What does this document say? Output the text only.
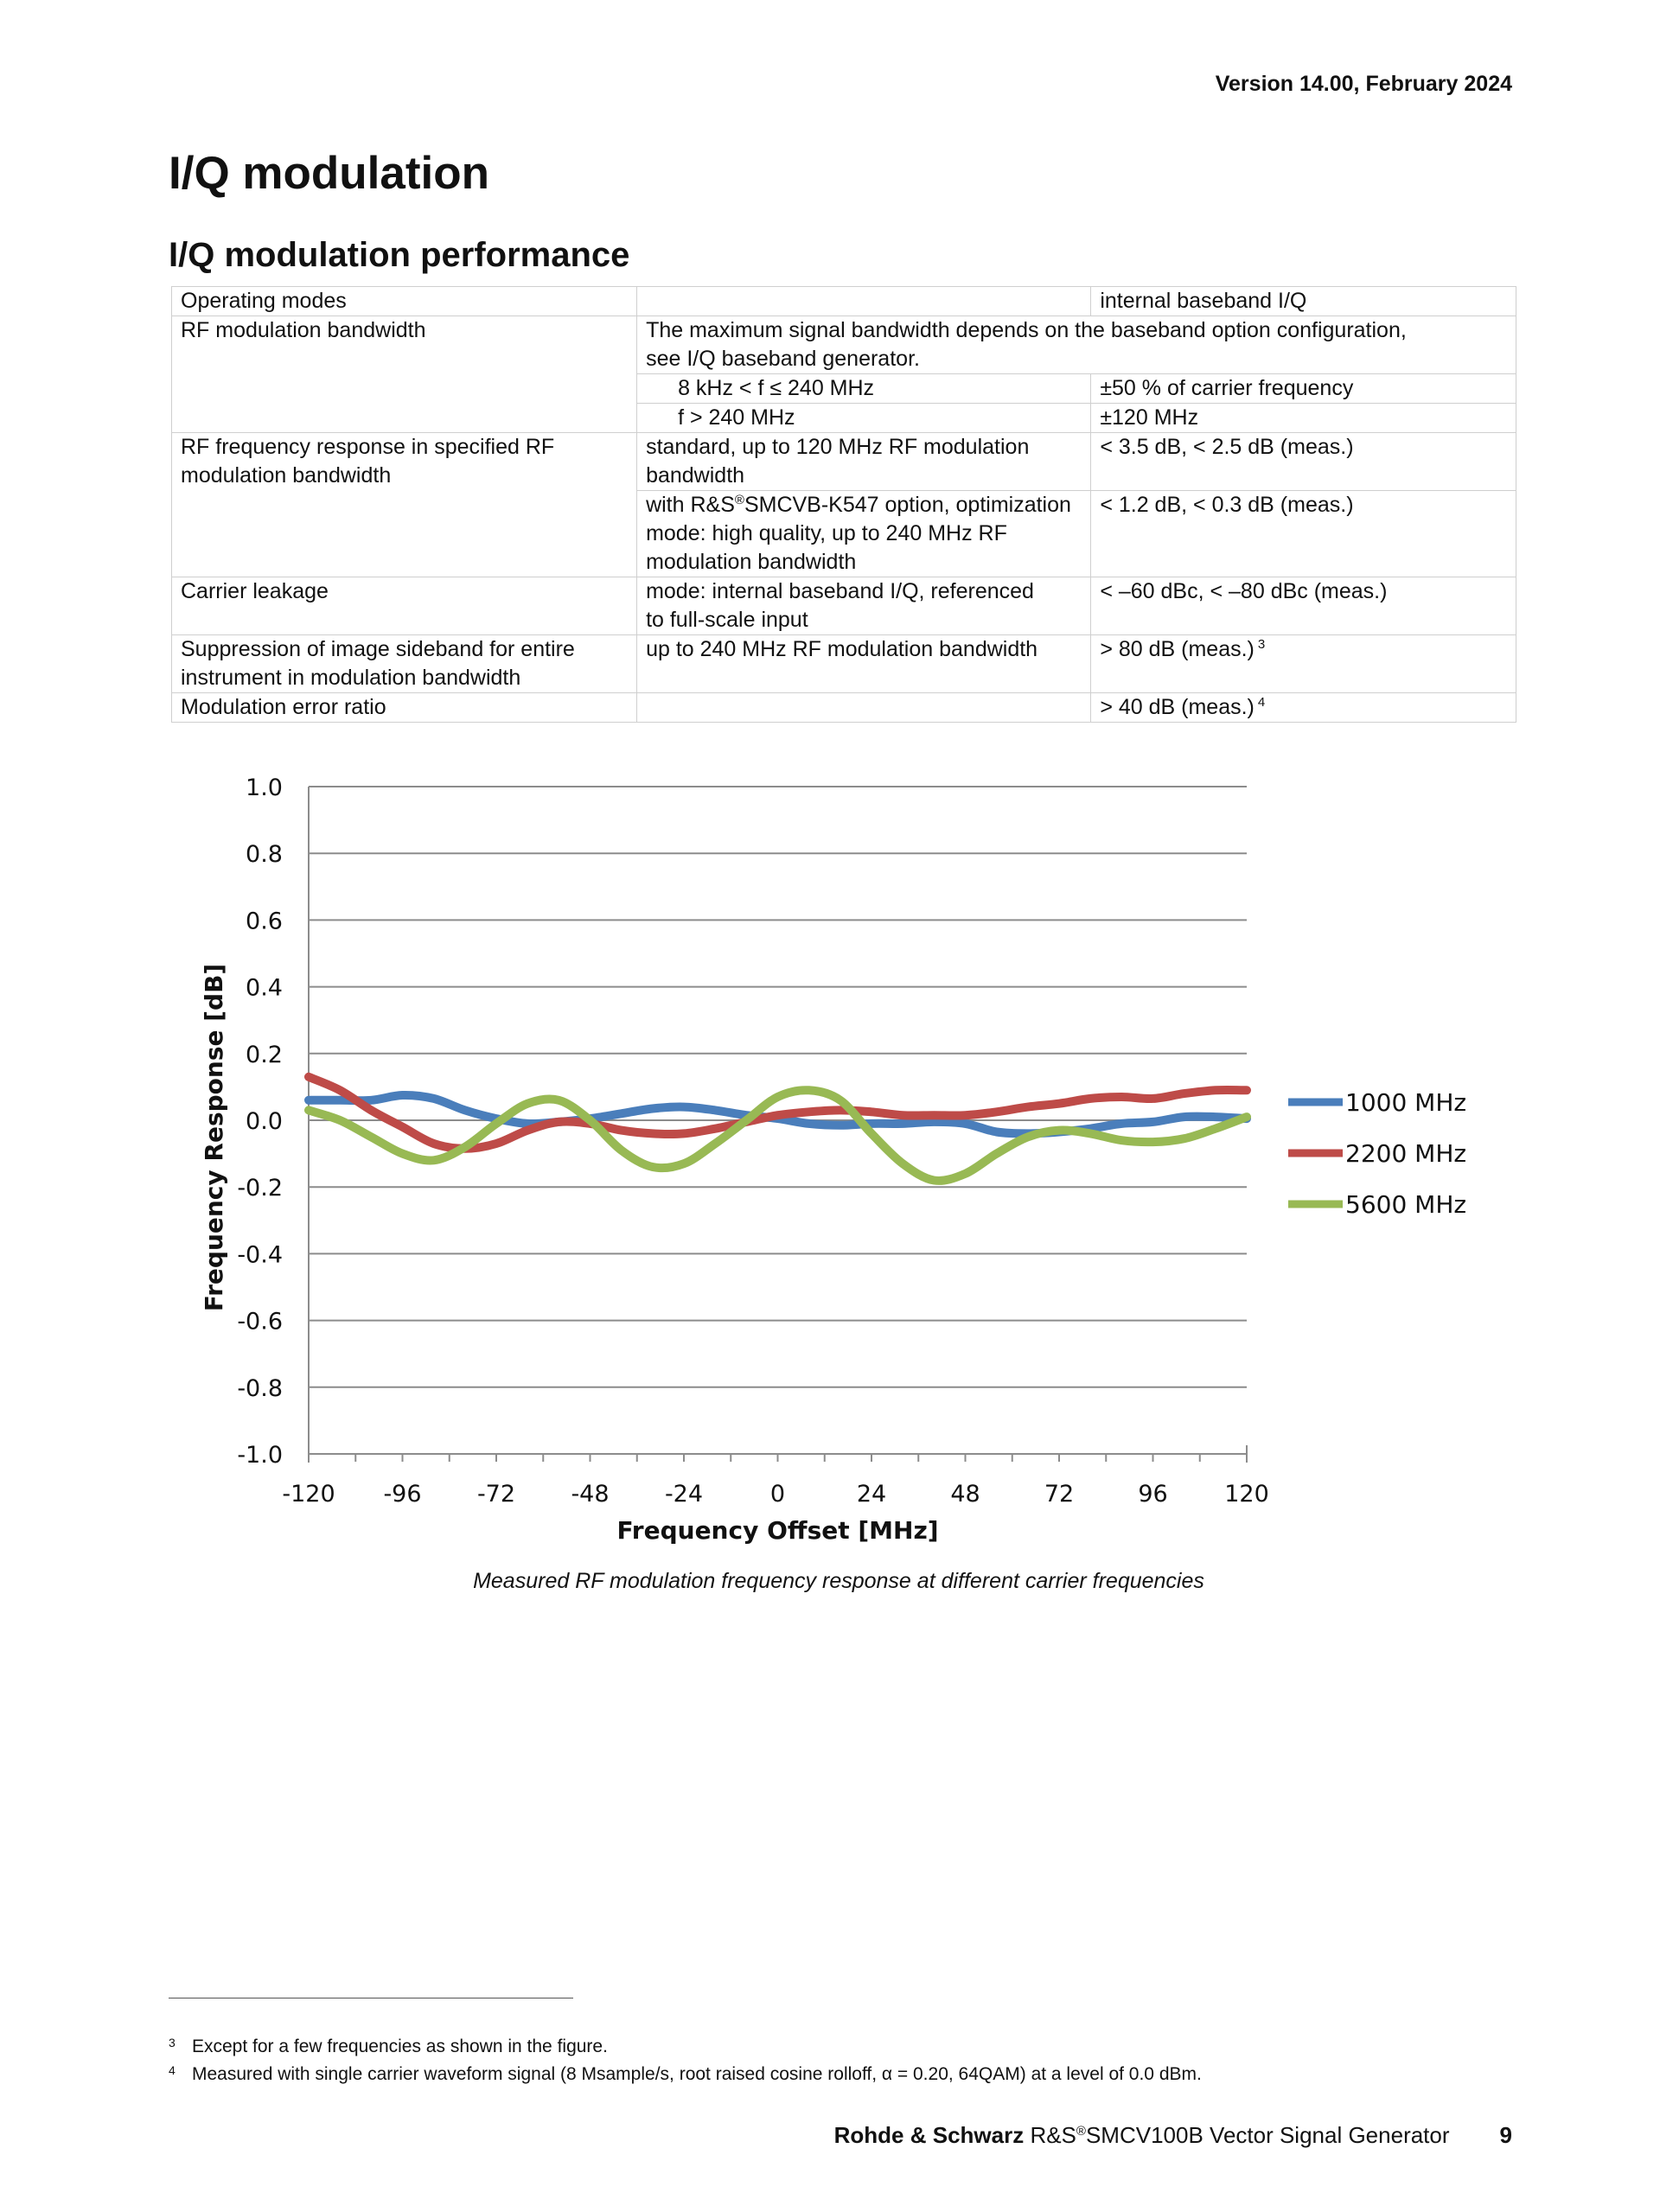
Version 14.00, February 2024
I/Q modulation
I/Q modulation performance
Operating modes		internal baseband I/Q
RF modulation bandwidth	The maximum signal bandwidth depends on the baseband option configuration, see I/Q baseband generator.	
	8 kHz < f ≤ 240 MHz	±50 % of carrier frequency
	f > 240 MHz	±120 MHz
RF frequency response in specified RF modulation bandwidth	standard, up to 120 MHz RF modulation bandwidth	< 3.5 dB, < 2.5 dB (meas.)
	with R&S®SMCVB-K547 option, optimization mode: high quality, up to 240 MHz RF modulation bandwidth	< 1.2 dB, < 0.3 dB (meas.)
Carrier leakage	mode: internal baseband I/Q, referenced to full-scale input	< –60 dBc, < –80 dBc (meas.)
Suppression of image sideband for entire instrument in modulation bandwidth	up to 240 MHz RF modulation bandwidth	> 80 dB (meas.) $^3$
Modulation error ratio		> 40 dB (meas.) $^4$
1.0
0.8
0.6
0.4
0.2
0.0
-0.2
-0.4
-0.6
-0.8
-1.0
-120 -96 -72 -48 -24	0	24	48	72	96 120
Frequency Offset [MHz]
Frequency Response [dB]	1000 MHz
2200 MHz
5600 MHz
Measured RF modulation frequency response at different carrier frequencies
3 Except for a few frequencies as shown in the figure.
4 Measured with single carrier waveform signal (8 Msample/s, root raised cosine rolloff, α = 0.20, 64QAM) at a level of 0.0 dBm.
Rohde & Schwarz R&S®SMCV100B Vector Signal Generator 9
